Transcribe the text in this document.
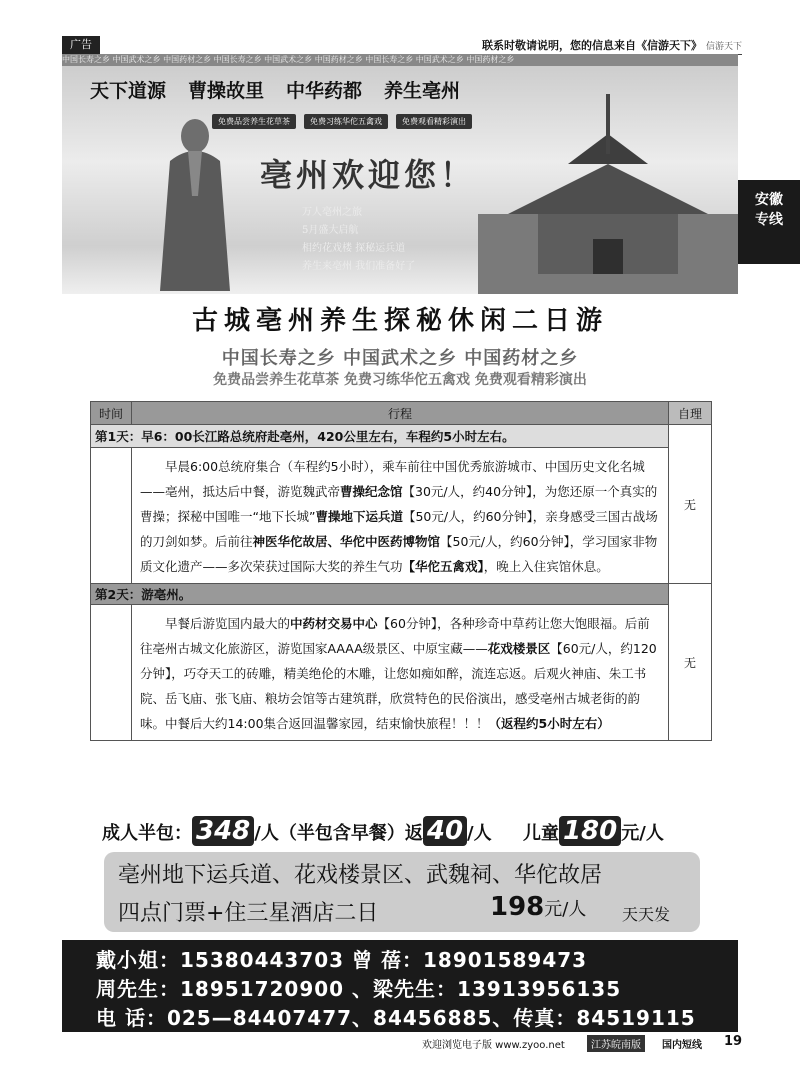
广告	联系时敬请说明，您的信息来自《信游天下》 信游天下
中国长寿之乡 中国武术之乡 中国药材之乡 中国长寿之乡 中国武术之乡 中国药材之乡 中国长寿之乡 中国武术之乡 中国药材之乡
天下道源 曹操故里 中华药都 养生亳州
免费品尝养生花草茶	免费习练华佗五禽戏	免费观看精彩演出
亳州欢迎您！
万人亳州之旅
5月盛大启航
相约花戏楼 探秘运兵道
养生来亳州 我们准备好了
安徽
专线
古城亳州养生探秘休闲二日游
中国长寿之乡 中国武术之乡 中国药材之乡
免费品尝养生花草茶 免费习练华佗五禽戏 免费观看精彩演出
时间	行程	自理
第1天：早6：00长江路总统府赴亳州，420公里左右，车程约5小时左右。		无
	早晨6:00总统府集合（车程约5小时），乘车前往中国优秀旅游城市、中国历史文化名城——亳州，抵达后中餐，游览魏武帝曹操纪念馆【30元/人，约40分钟】，为您还原一个真实的曹操；探秘中国唯一“地下长城”曹操地下运兵道【50元/人，约60分钟】，亲身感受三国古战场的刀剑如梦。后前往神医华佗故居、华佗中医药博物馆【50元/人，约60分钟】，学习国家非物质文化遗产——多次荣获过国际大奖的养生气功【华佗五禽戏】，晚上入住宾馆休息。	
第2天：游亳州。		无
	早餐后游览国内最大的中药材交易中心【60分钟】，各种珍奇中草药让您大饱眼福。后前往亳州古城文化旅游区，游览国家AAAA级景区、中原宝藏——花戏楼景区【60元/人，约120分钟】，巧夺天工的砖雕，精美绝伦的木雕，让您如痴如醉，流连忘返。后观火神庙、朱工书院、岳飞庙、张飞庙、粮坊会馆等古建筑群，欣赏特色的民俗演出，感受亳州古城老街的韵味。中餐后大约14:00集合返回温馨家园，结束愉快旅程！！！（返程约5小时左右）	
成人半包： 348 /人（半包含早餐）返 40 /人 儿童 180 元/人
亳州地下运兵道、花戏楼景区、武魏祠、华佗故居
四点门票+住三星酒店二日	198元/人 天天发
戴小姐：15380443703 曾 蓓：18901589473
周先生：18951720900 、梁先生：13913956135
电 话：025—84407477、84456885、传真：84519115
欢迎浏览电子版 www.zyoo.net	江苏皖南版	国内短线 19
